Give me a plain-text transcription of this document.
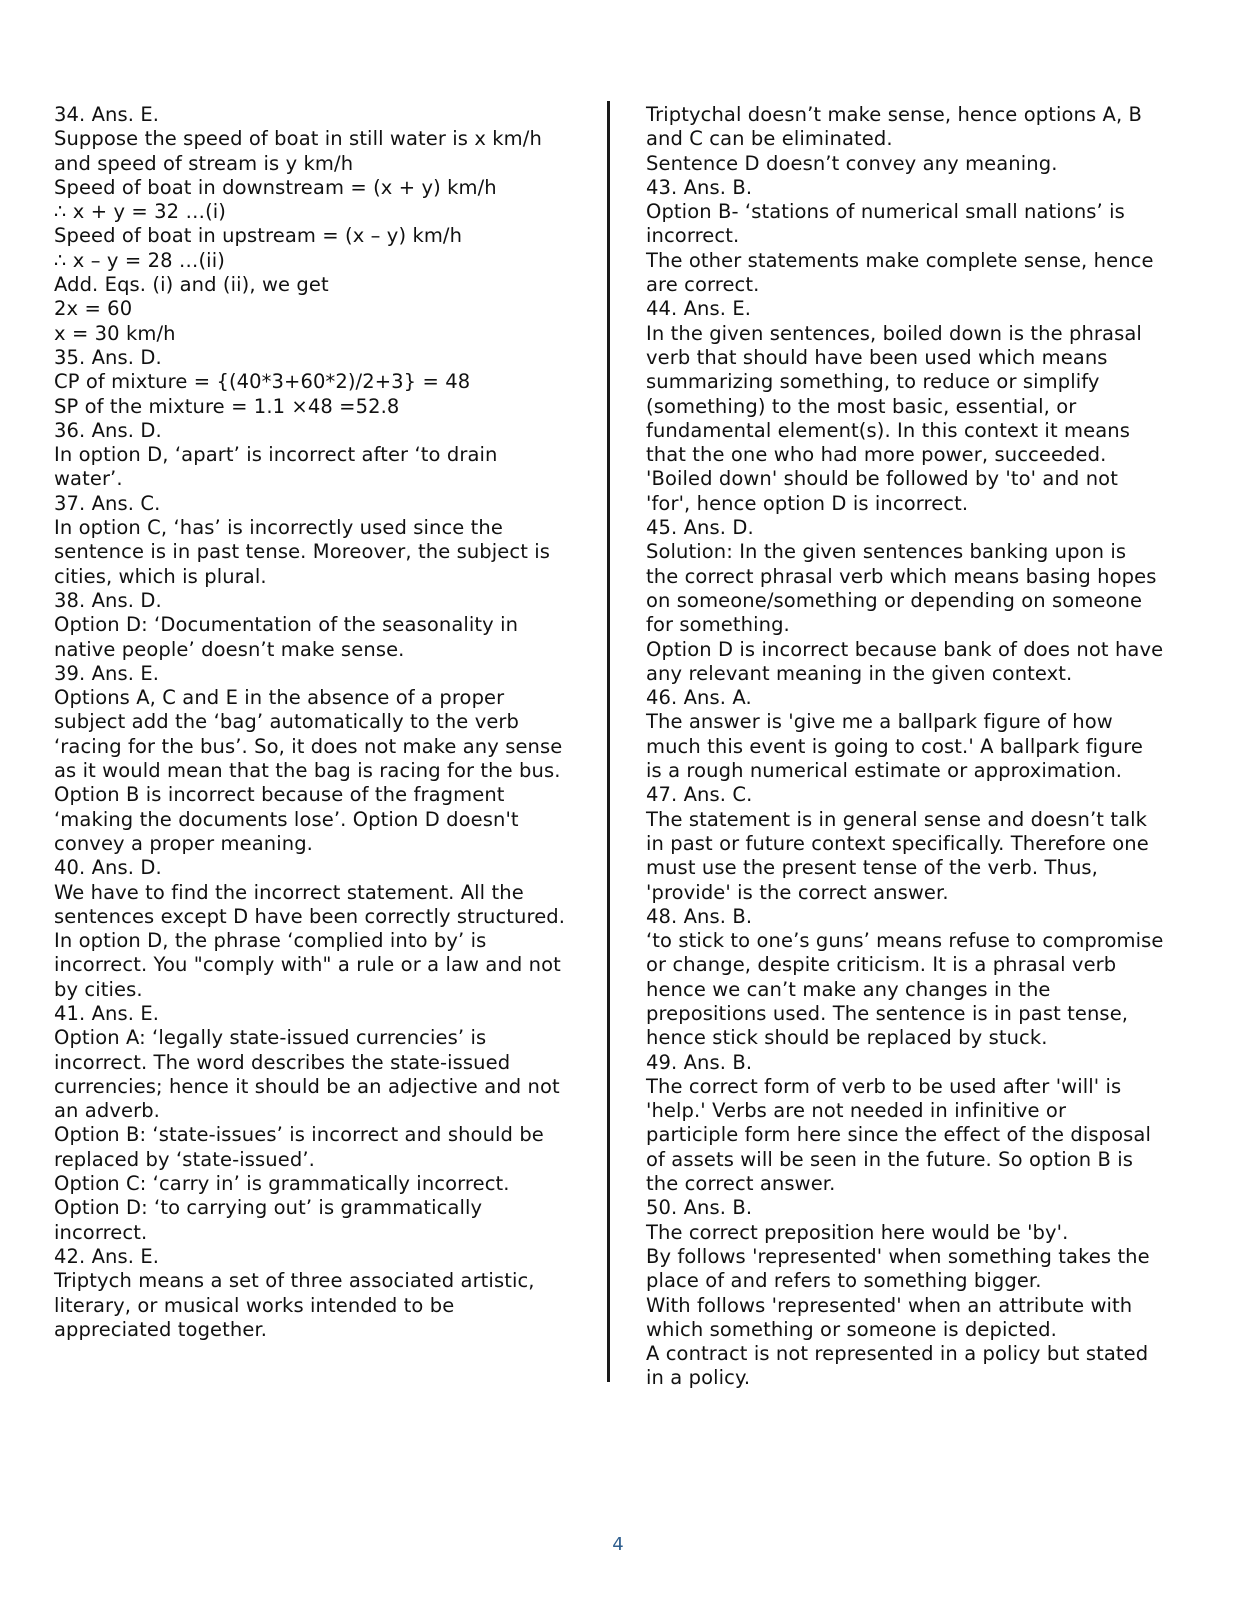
34. Ans. E.
Suppose the speed of boat in still water is x km/h
and speed of stream is y km/h
Speed of boat in downstream = (x + y) km/h
∴ x + y = 32 …(i)
Speed of boat in upstream = (x – y) km/h
∴ x – y = 28 …(ii)
Add. Eqs. (i) and (ii), we get
2x = 60
x = 30 km/h
35. Ans. D.
CP of mixture = {(40*3+60*2)/2+3} = 48
SP of the mixture = 1.1 ×48 =52.8
36. Ans. D.
In option D, ‘apart’ is incorrect after ‘to drain
water’.
37. Ans. C.
In option C, ‘has’ is incorrectly used since the
sentence is in past tense. Moreover, the subject is
cities, which is plural.
38. Ans. D.
Option D: ‘Documentation of the seasonality in
native people’ doesn’t make sense.
39. Ans. E.
Options A, C and E in the absence of a proper
subject add the ‘bag’ automatically to the verb
‘racing for the bus’. So, it does not make any sense
as it would mean that the bag is racing for the bus.
Option B is incorrect because of the fragment
‘making the documents lose’. Option D doesn't
convey a proper meaning.
40. Ans. D.
We have to find the incorrect statement. All the
sentences except D have been correctly structured.
In option D, the phrase ‘complied into by’ is
incorrect. You "comply with" a rule or a law and not
by cities.
41. Ans. E.
Option A: ‘legally state-issued currencies’ is
incorrect. The word describes the state-issued
currencies; hence it should be an adjective and not
an adverb.
Option B: ‘state-issues’ is incorrect and should be
replaced by ‘state-issued’.
Option C: ‘carry in’ is grammatically incorrect.
Option D: ‘to carrying out’ is grammatically
incorrect.
42. Ans. E.
Triptych means a set of three associated artistic,
literary, or musical works intended to be
appreciated together.
Triptychal doesn’t make sense, hence options A, B
and C can be eliminated.
Sentence D doesn’t convey any meaning.
43. Ans. B.
Option B- ‘stations of numerical small nations’ is
incorrect.
The other statements make complete sense, hence
are correct.
44. Ans. E.
In the given sentences, boiled down is the phrasal
verb that should have been used which means
summarizing something, to reduce or simplify
(something) to the most basic, essential, or
fundamental element(s). In this context it means
that the one who had more power, succeeded.
'Boiled down' should be followed by 'to' and not
'for', hence option D is incorrect.
45. Ans. D.
Solution: In the given sentences banking upon is
the correct phrasal verb which means basing hopes
on someone/something or depending on someone
for something.
Option D is incorrect because bank of does not have
any relevant meaning in the given context.
46. Ans. A.
The answer is 'give me a ballpark figure of how
much this event is going to cost.' A ballpark figure
is a rough numerical estimate or approximation.
47. Ans. C.
The statement is in general sense and doesn’t talk
in past or future context specifically. Therefore one
must use the present tense of the verb. Thus,
'provide' is the correct answer.
48. Ans. B.
‘to stick to one’s guns’ means refuse to compromise
or change, despite criticism. It is a phrasal verb
hence we can’t make any changes in the
prepositions used. The sentence is in past tense,
hence stick should be replaced by stuck.
49. Ans. B.
The correct form of verb to be used after 'will' is
'help.' Verbs are not needed in infinitive or
participle form here since the effect of the disposal
of assets will be seen in the future. So option B is
the correct answer.
50. Ans. B.
The correct preposition here would be 'by'.
By follows 'represented' when something takes the
place of and refers to something bigger.
With follows 'represented' when an attribute with
which something or someone is depicted.
A contract is not represented in a policy but stated
in a policy.
4
